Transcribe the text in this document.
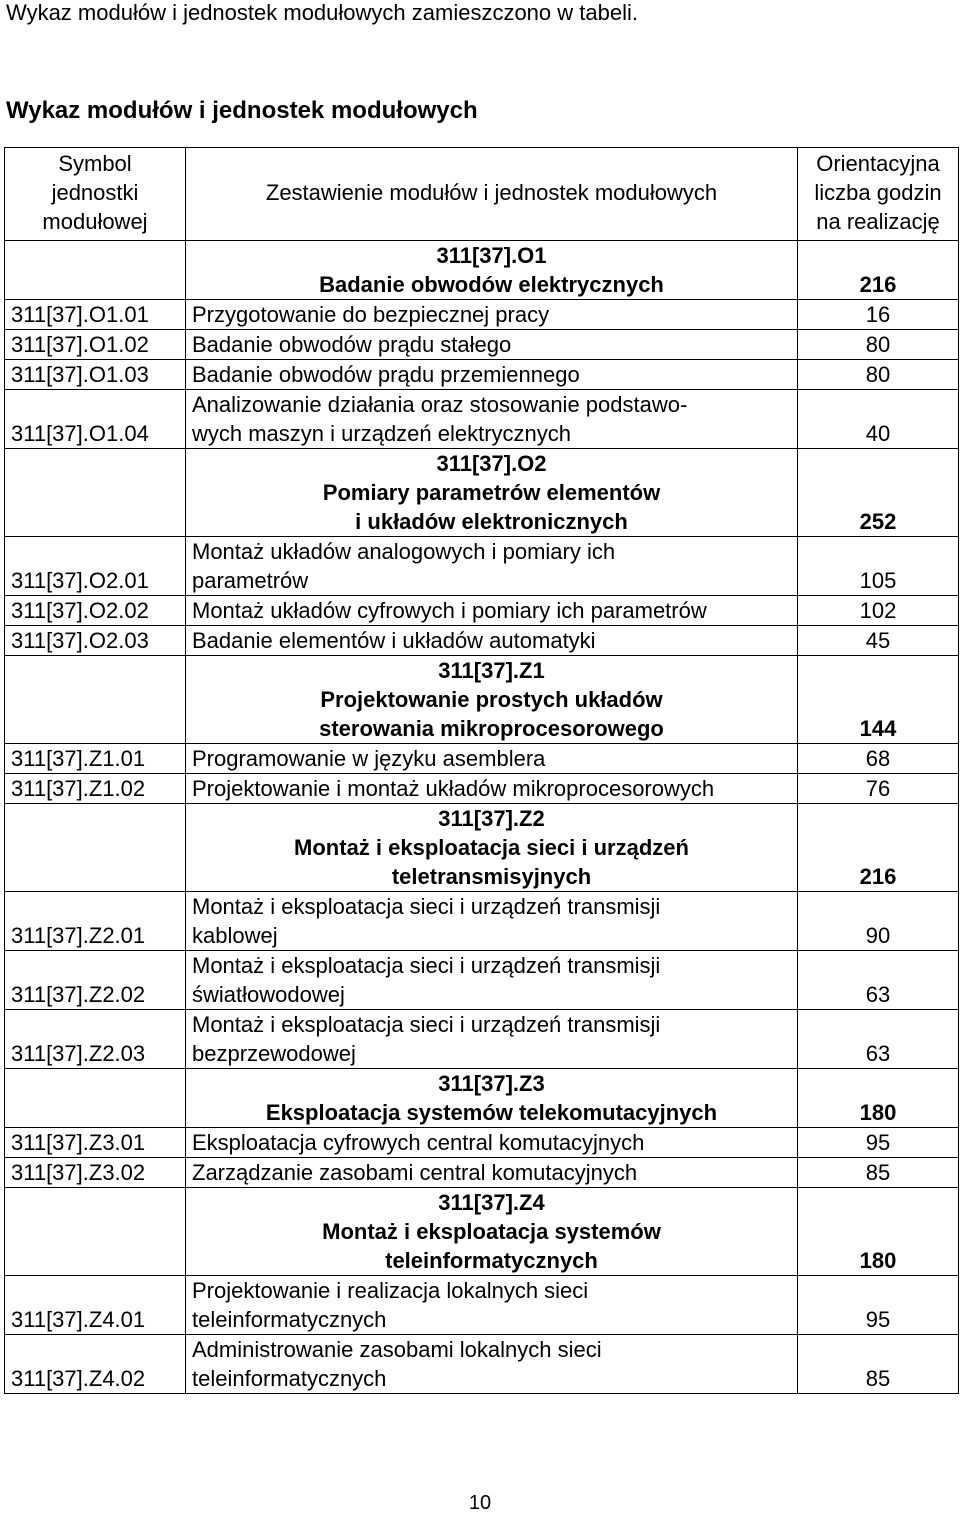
Wykaz modułów i jednostek modułowych zamieszczono w tabeli.
Wykaz modułów i jednostek modułowych
Symbol
jednostki
modułowej	Zestawienie modułów i jednostek modułowych	Orientacyjna
liczba godzin
na realizację
	311[37].O1
Badanie obwodów elektrycznych	216
311[37].O1.01	Przygotowanie do bezpiecznej pracy	16
311[37].O1.02	Badanie obwodów prądu stałego	80
311[37].O1.03	Badanie obwodów prądu przemiennego	80
311[37].O1.04	Analizowanie działania oraz stosowanie podstawo-
wych maszyn i urządzeń elektrycznych	40
	311[37].O2
Pomiary parametrów elementów
i układów elektronicznych	252
311[37].O2.01	Montaż układów analogowych i pomiary ich
parametrów	105
311[37].O2.02	Montaż układów cyfrowych i pomiary ich parametrów	102
311[37].O2.03	Badanie elementów i układów automatyki	45
	311[37].Z1
Projektowanie prostych układów
sterowania mikroprocesorowego	144
311[37].Z1.01	Programowanie w języku asemblera	68
311[37].Z1.02	Projektowanie i montaż układów mikroprocesorowych	76
	311[37].Z2
Montaż i eksploatacja sieci i urządzeń
teletransmisyjnych	216
311[37].Z2.01	Montaż i eksploatacja sieci i urządzeń transmisji
kablowej	90
311[37].Z2.02	Montaż i eksploatacja sieci i urządzeń transmisji
światłowodowej	63
311[37].Z2.03	Montaż i eksploatacja sieci i urządzeń transmisji
bezprzewodowej	63
	311[37].Z3
Eksploatacja systemów telekomutacyjnych	180
311[37].Z3.01	Eksploatacja cyfrowych central komutacyjnych	95
311[37].Z3.02	Zarządzanie zasobami central komutacyjnych	85
	311[37].Z4
Montaż i eksploatacja systemów
teleinformatycznych	180
311[37].Z4.01	Projektowanie i realizacja lokalnych sieci
teleinformatycznych	95
311[37].Z4.02	Administrowanie zasobami lokalnych sieci
teleinformatycznych	85
10
